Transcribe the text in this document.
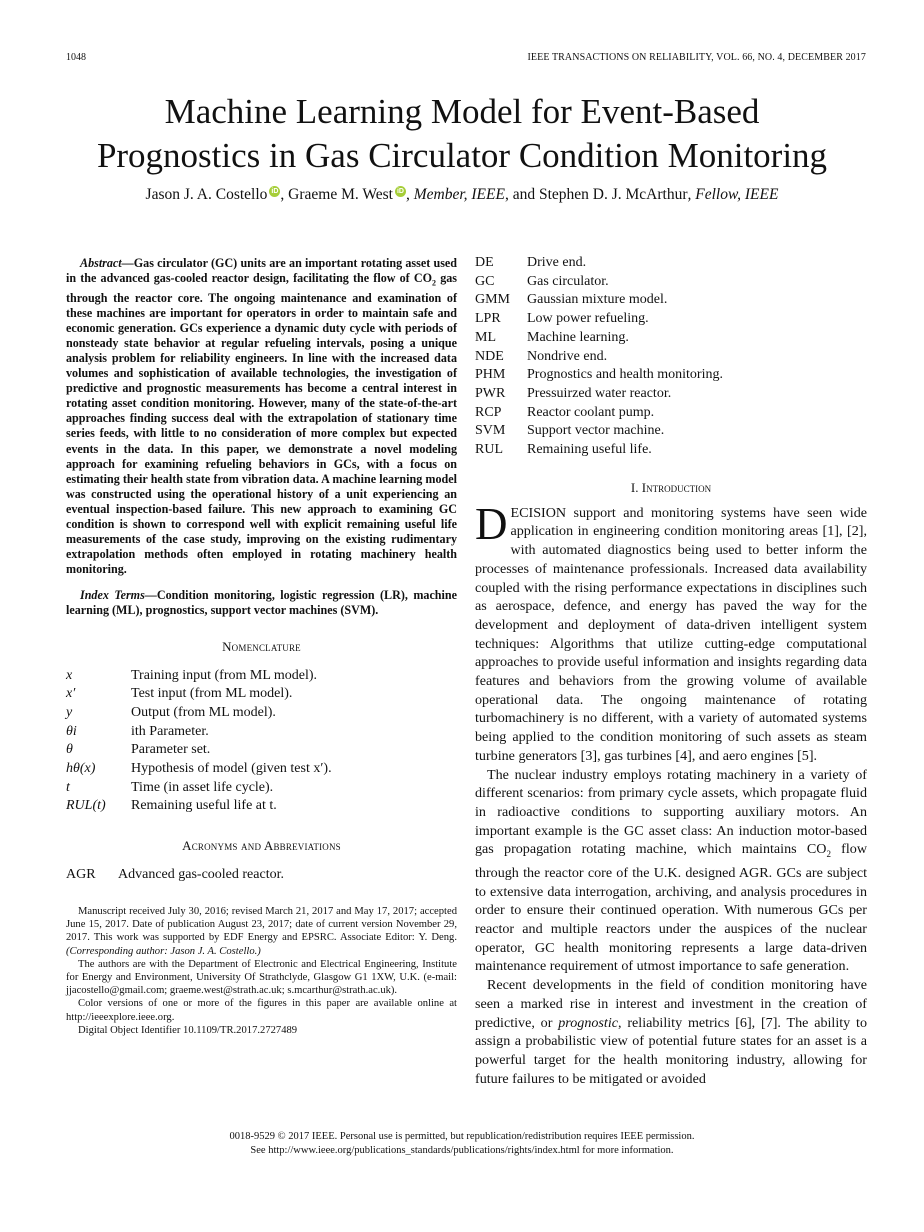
1048	IEEE TRANSACTIONS ON RELIABILITY, VOL. 66, NO. 4, DECEMBER 2017
Machine Learning Model for Event-Based
Prognostics in Gas Circulator Condition Monitoring
Jason J. A. Costello iD , Graeme M. West iD , Member, IEEE, and Stephen D. J. McArthur, Fellow, IEEE

Abstract—Gas circulator (GC) units are an important rotating asset used in the advanced gas-cooled reactor design, facilitating the flow of $CO_2$ gas through the reactor core. The ongoing maintenance and examination of these machines are important for operators in order to maintain safe and economic generation. GCs experience a dynamic duty cycle with periods of nonsteady state behavior at regular refueling intervals, posing a unique analysis problem for reliability engineers. In line with the increased data volumes and sophistication of available technologies, the investigation of predictive and prognostic measurements has become a central interest in rotating asset condition monitoring. However, many of the state-of-the-art approaches finding success deal with the extrapolation of stationary time series feeds, with little to no consideration of more complex but expected events in the data. In this paper, we demonstrate a novel modeling approach for examining refueling behaviors in GCs, with a focus on estimating their health state from vibration data. A machine learning model was constructed using the operational history of a unit experiencing an eventual inspection-based failure. This new approach to examining GC condition is shown to correspond well with explicit remaining useful life measurements of the case study, improving on the existing rudimentary extrapolation methods often employed in rotating machinery health monitoring.

Index Terms—Condition monitoring, logistic regression (LR), machine learning (ML), prognostics, support vector machines (SVM).

Nomenclature
x	Training input (from ML model).
x′	Test input (from ML model).
y	Output (from ML model).
θi	ith Parameter.
θ	Parameter set.
hθ(x)	Hypothesis of model (given test x′).
t	Time (in asset life cycle).
RUL(t)	Remaining useful life at t.
Acronyms and Abbreviations
AGR	Advanced gas-cooled reactor.

Manuscript received July 30, 2016; revised March 21, 2017 and May 17, 2017; accepted June 15, 2017. Date of publication August 23, 2017; date of current version November 29, 2017. This work was supported by EDF Energy and EPSRC. Associate Editor: Y. Deng. (Corresponding author: Jason J. A. Costello.)

The authors are with the Department of Electronic and Electrical Engineering, Institute for Energy and Environment, University Of Strathclyde, Glasgow G1 1XW, U.K. (e-mail: jjacostello@gmail.com; graeme.west@strath.ac.uk; s.mcarthur@strath.ac.uk).

Color versions of one or more of the figures in this paper are available online at http://ieeexplore.ieee.org.

Digital Object Identifier 10.1109/TR.2017.2727489

DE	Drive end.
GC	Gas circulator.
GMM	Gaussian mixture model.
LPR	Low power refueling.
ML	Machine learning.
NDE	Nondrive end.
PHM	Prognostics and health monitoring.
PWR	Pressuirzed water reactor.
RCP	Reactor coolant pump.
SVM	Support vector machine.
RUL	Remaining useful life.
I. Introduction

DECISION support and monitoring systems have seen wide application in engineering condition monitoring areas [1], [2], with automated diagnostics being used to better inform the processes of maintenance professionals. Increased data availability coupled with the rising performance expectations in disciplines such as aerospace, defence, and energy has paved the way for the development and deployment of data-driven intelligent system techniques: Algorithms that utilize cutting-edge computational approaches to provide useful information and insights regarding data features and behaviors from the growing volume of available operational data. The ongoing maintenance of rotating turbomachinery is no different, with a variety of automated systems being applied to the condition monitoring of such assets as steam turbine generators [3], gas turbines [4], and aero engines [5].

The nuclear industry employs rotating machinery in a variety of different scenarios: from primary cycle assets, which propagate fluid in radioactive conditions to supporting auxiliary motors. An important example is the GC asset class: An induction motor-based gas propagation rotating machine, which maintains $CO_2$ flow through the reactor core of the U.K. designed AGR. GCs are subject to extensive data interrogation, archiving, and analysis procedures in order to ensure their continued operation. With numerous GCs per reactor and multiple reactors under the auspices of the nuclear operator, GC health monitoring represents a large data-driven maintenance requirement of utmost importance to safe generation.

Recent developments in the field of condition monitoring have seen a marked rise in interest and investment in the creation of predictive, or prognostic, reliability metrics [6], [7]. The ability to assign a probabilistic view of potential future states for an asset is a powerful target for the health monitoring industry, allowing for future failures to be mitigated or avoided

0018-9529 © 2017 IEEE. Personal use is permitted, but republication/redistribution requires IEEE permission.
See http://www.ieee.org/publications_standards/publications/rights/index.html for more information.
